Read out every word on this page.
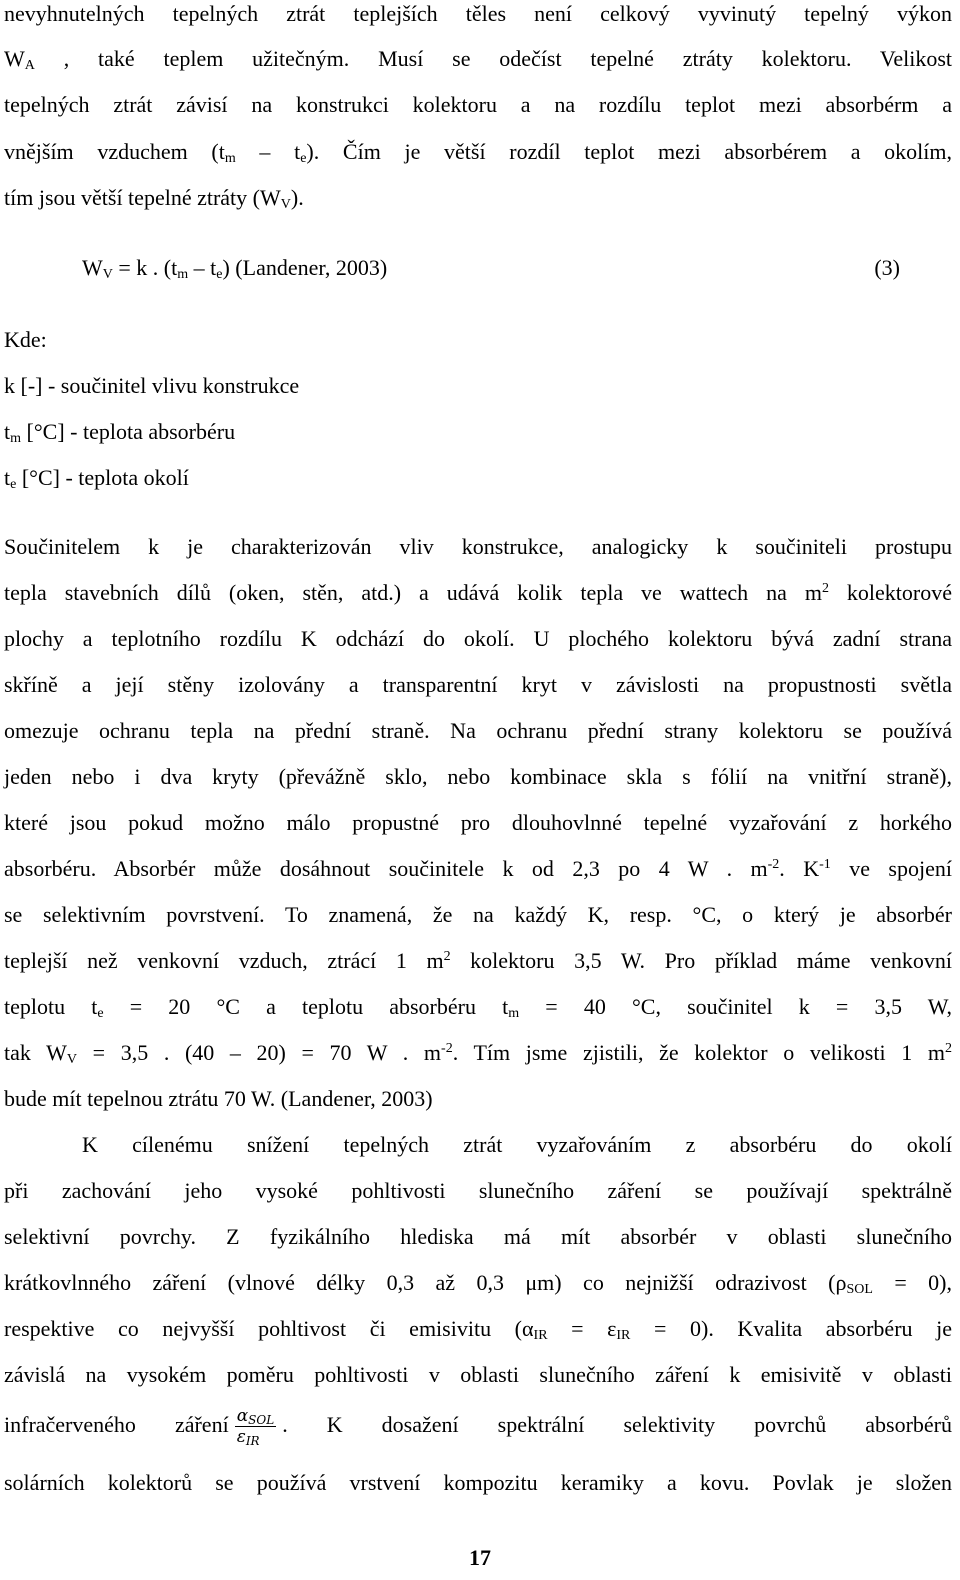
nevyhnutelných tepelných ztrát teplejších těles není celkový vyvinutý tepelný výkon
$W_A$ , také teplem užitečným. Musí se odečíst tepelné ztráty kolektoru. Velikost
tepelných ztrát závisí na konstrukci kolektoru a na rozdílu teplot mezi absorbérm a
vnějším vzduchem $(t_m - t_e)$. Čím je větší rozdíl teplot mezi absorbérem a okolím,
tím jsou větší tepelné ztráty $(W_V)$.
$W_V = k$ . $(t_m - t_e)$ (Landener, 2003)	(3)
Kde:
k [-] - součinitel vlivu konstrukce
$t_m$ [°C] - teplota absorbéru
$t_e$ [°C] - teplota okolí
Součinitelem k je charakterizován vliv konstrukce, analogicky k součiniteli prostupu
tepla stavebních dílů (oken, stěn, atd.) a udává kolik tepla ve wattech na $m^2$ kolektorové
plochy a teplotního rozdílu K odchází do okolí. U plochého kolektoru bývá zadní strana
skříně a její stěny izolovány a transparentní kryt v závislosti na propustnosti světla
omezuje ochranu tepla na přední straně. Na ochranu přední strany kolektoru se používá
jeden nebo i dva kryty (převážně sklo, nebo kombinace skla s fólií na vnitřní straně),
které jsou pokud možno málo propustné pro dlouhovlnné tepelné vyzařování z horkého
absorbéru. Absorbér může dosáhnout součinitele k od 2,3 po 4 W . $m^{-2}$. $K^{-1}$ ve spojení
se selektivním povrstvení. To znamená, že na každý K, resp. °C, o který je absorbér
teplejší než venkovní vzduch, ztrácí 1 $m^2$ kolektoru 3,5 W. Pro příklad máme venkovní
teplotu $t_e = 20$ °C a teplotu absorbéru $t_m = 40$ °C, součinitel k = 3,5 W,
tak $W_V = 3,5$ . (40 – 20) = 70 W . $m^{-2}$. Tím jsme zjistili, že kolektor o velikosti 1 $m^2$
bude mít tepelnou ztrátu 70 W. (Landener, 2003)
K cílenému snížení tepelných ztrát vyzařováním z absorbéru do okolí
při zachování jeho vysoké pohltivosti slunečního záření se používají spektrálně
selektivní povrchy. Z fyzikálního hlediska má mít absorbér v oblasti slunečního
krátkovlnného záření (vlnové délky 0,3 až 0,3 μm) co nejnižší odrazivost $(\rho_{SOL} = 0)$,
respektive co nejvyšší pohltivost či emisivitu $(\alpha_{IR} = \varepsilon_{IR} = 0)$. Kvalita absorbéru je
závislá na vysokém poměru pohltivosti v oblasti slunečního záření k emisivitě v oblasti
infračerveného záření $\frac{\alpha_{SOL}}{\varepsilon_{IR}}$ . K dosažení spektrální selektivity povrchů absorbérů
solárních kolektorů se používá vrstvení kompozitu keramiky a kovu. Povlak je složen
17
